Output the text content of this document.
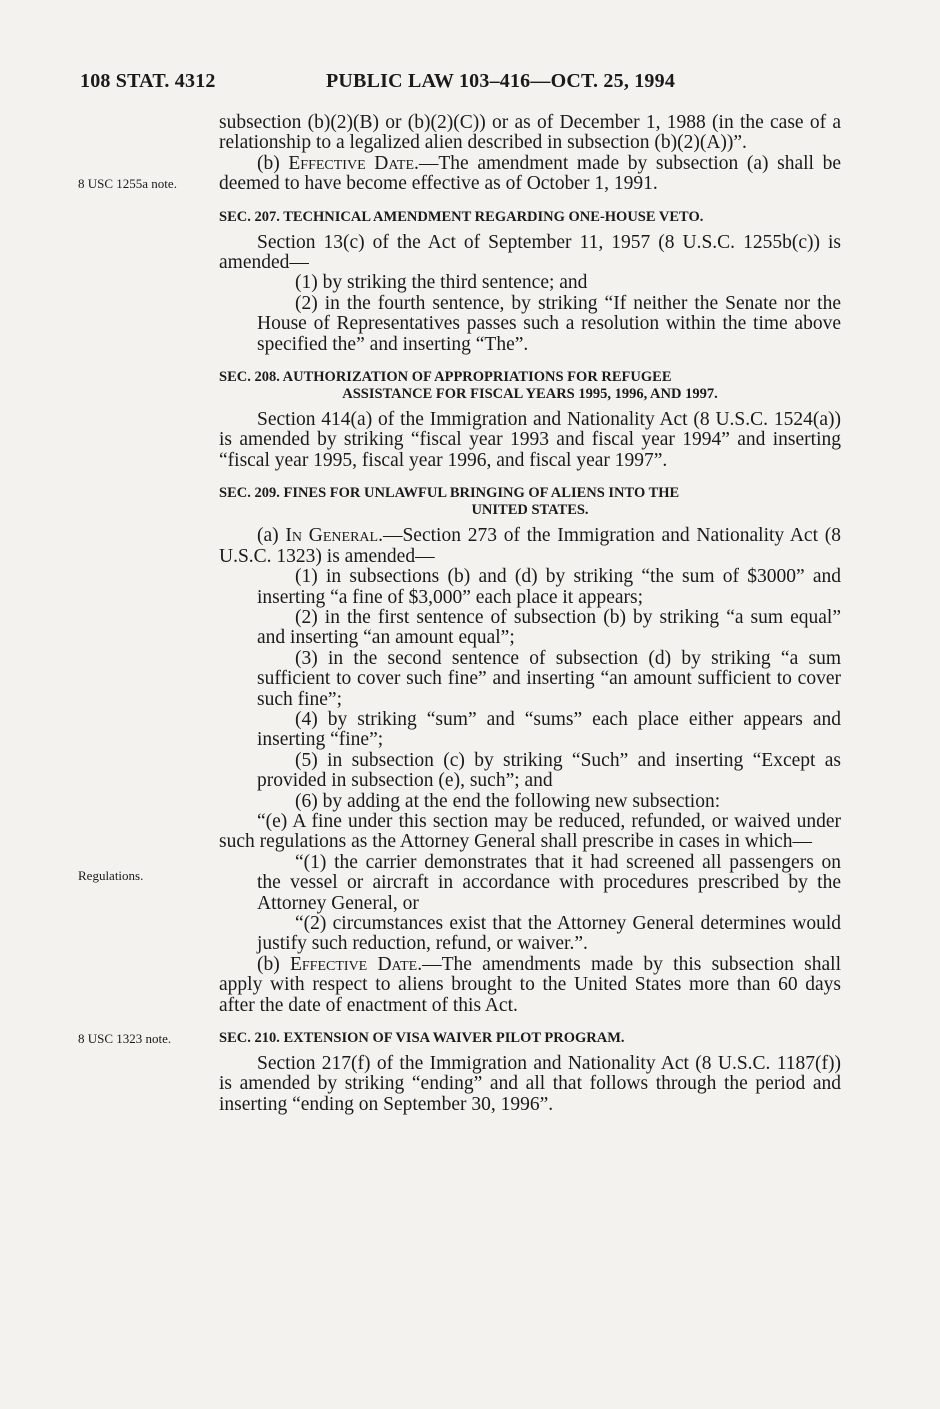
108 STAT. 4312	PUBLIC LAW 103–416—OCT. 25, 1994
8 USC 1255a note.
Regulations.
8 USC 1323 note.

subsection (b)(2)(B) or (b)(2)(C)) or as of December 1, 1988 (in the case of a relationship to a legalized alien described in subsection (b)(2)(A))”.

(b) Effective Date.—The amendment made by subsection (a) shall be deemed to have become effective as of October 1, 1991.

SEC. 207. TECHNICAL AMENDMENT REGARDING ONE-HOUSE VETO.

Section 13(c) of the Act of September 11, 1957 (8 U.S.C. 1255b(c)) is amended—

(1) by striking the third sentence; and

(2) in the fourth sentence, by striking “If neither the Senate nor the House of Representatives passes such a resolution within the time above specified the” and inserting “The”.

SEC. 208. AUTHORIZATION OF APPROPRIATIONS FOR REFUGEE
ASSISTANCE FOR FISCAL YEARS 1995, 1996, AND 1997.

Section 414(a) of the Immigration and Nationality Act (8 U.S.C. 1524(a)) is amended by striking “fiscal year 1993 and fiscal year 1994” and inserting “fiscal year 1995, fiscal year 1996, and fiscal year 1997”.

SEC. 209. FINES FOR UNLAWFUL BRINGING OF ALIENS INTO THE
UNITED STATES.

(a) In General.—Section 273 of the Immigration and Nationality Act (8 U.S.C. 1323) is amended—

(1) in subsections (b) and (d) by striking “the sum of $3000” and inserting “a fine of $3,000” each place it appears;

(2) in the first sentence of subsection (b) by striking “a sum equal” and inserting “an amount equal”;

(3) in the second sentence of subsection (d) by striking “a sum sufficient to cover such fine” and inserting “an amount sufficient to cover such fine”;

(4) by striking “sum” and “sums” each place either appears and inserting “fine”;

(5) in subsection (c) by striking “Such” and inserting “Except as provided in subsection (e), such”; and

(6) by adding at the end the following new subsection:

“(e) A fine under this section may be reduced, refunded, or waived under such regulations as the Attorney General shall prescribe in cases in which—

“(1) the carrier demonstrates that it had screened all passengers on the vessel or aircraft in accordance with procedures prescribed by the Attorney General, or

“(2) circumstances exist that the Attorney General determines would justify such reduction, refund, or waiver.”.

(b) Effective Date.—The amendments made by this subsection shall apply with respect to aliens brought to the United States more than 60 days after the date of enactment of this Act.

SEC. 210. EXTENSION OF VISA WAIVER PILOT PROGRAM.

Section 217(f) of the Immigration and Nationality Act (8 U.S.C. 1187(f)) is amended by striking “ending” and all that follows through the period and inserting “ending on September 30, 1996”.
